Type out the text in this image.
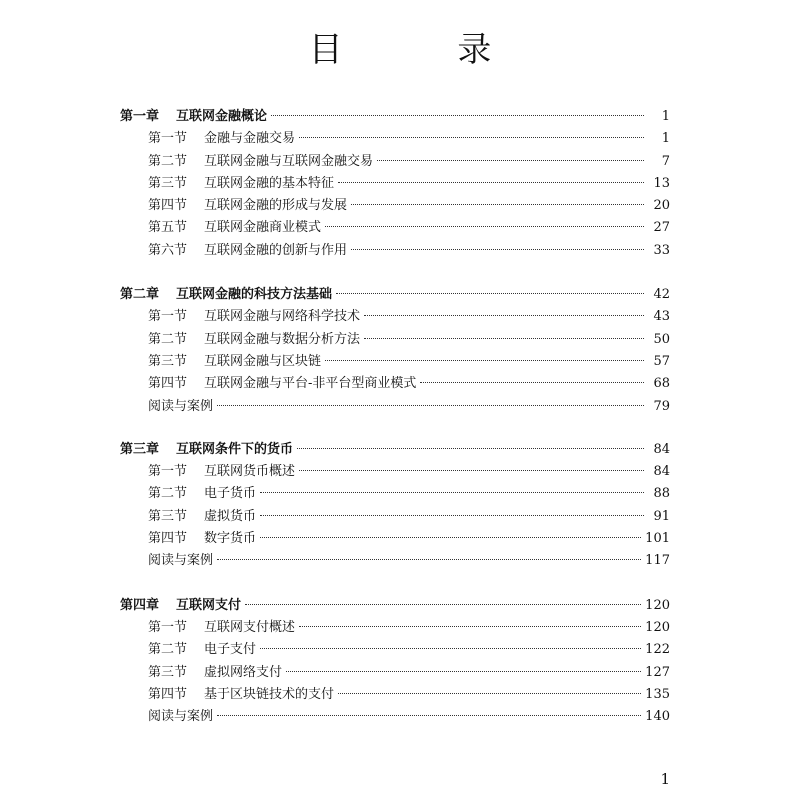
目 录
第一章	互联网金融概论	1
第一节	金融与金融交易	1
第二节	互联网金融与互联网金融交易	7
第三节	互联网金融的基本特征	13
第四节	互联网金融的形成与发展	20
第五节	互联网金融商业模式	27
第六节	互联网金融的创新与作用	33
第二章	互联网金融的科技方法基础	42
第一节	互联网金融与网络科学技术	43
第二节	互联网金融与数据分析方法	50
第三节	互联网金融与区块链	57
第四节	互联网金融与平台-非平台型商业模式	68
阅读与案例	79
第三章	互联网条件下的货币	84
第一节	互联网货币概述	84
第二节	电子货币	88
第三节	虚拟货币	91
第四节	数字货币	101
阅读与案例	117
第四章	互联网支付	120
第一节	互联网支付概述	120
第二节	电子支付	122
第三节	虚拟网络支付	127
第四节	基于区块链技术的支付	135
阅读与案例	140
1
